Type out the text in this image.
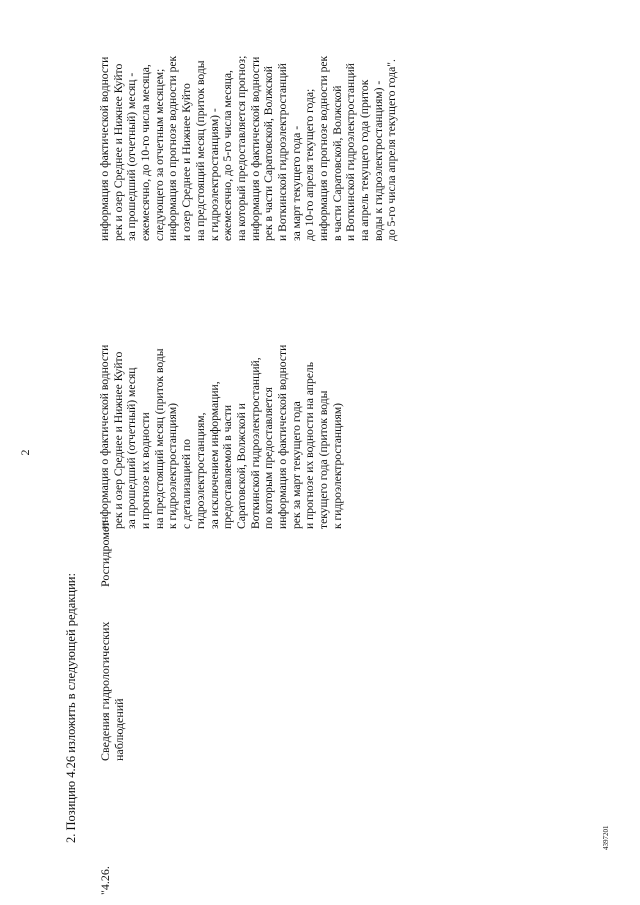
2
2. Позицию 4.26 изложить в следующей редакции:
"4.26.
Сведения гидрологических наблюдений
Росгидромет
информация о фактической водности рек и озер Среднее и Нижнее Куйто за прошедший (отчетный) месяц и прогнозе их водности на предстоящий месяц (приток воды к гидроэлектростанциям) с детализацией по гидроэлектростанциям, за исключением информации, предоставляемой в части Саратовской, Волжской и Воткинской гидроэлектростанций, по которым предоставляется информация о фактической водности рек за март текущего года и прогнозе их водности на апрель текущего года (приток воды к гидроэлектростанциям)
информация о фактической водности рек и озер Среднее и Нижнее Куйто за прошедший (отчетный) месяц - ежемесячно, до 10-го числа месяца, следующего за отчетным месяцем; информация о прогнозе водности рек и озер Среднее и Нижнее Куйто на предстоящий месяц (приток воды к гидроэлектростанциям) - ежемесячно, до 5-го числа месяца, на который предоставляется прогноз; информация о фактической водности рек в части Саратовской, Волжской и Воткинской гидроэлектростанций за март текущего года - до 10-го апреля текущего года; информация о прогнозе водности рек в части Саратовской, Волжской и Воткинской гидроэлектростанций на апрель текущего года (приток воды к гидроэлектростанциям) - до 5-го числа апреля текущего года".
4397201
